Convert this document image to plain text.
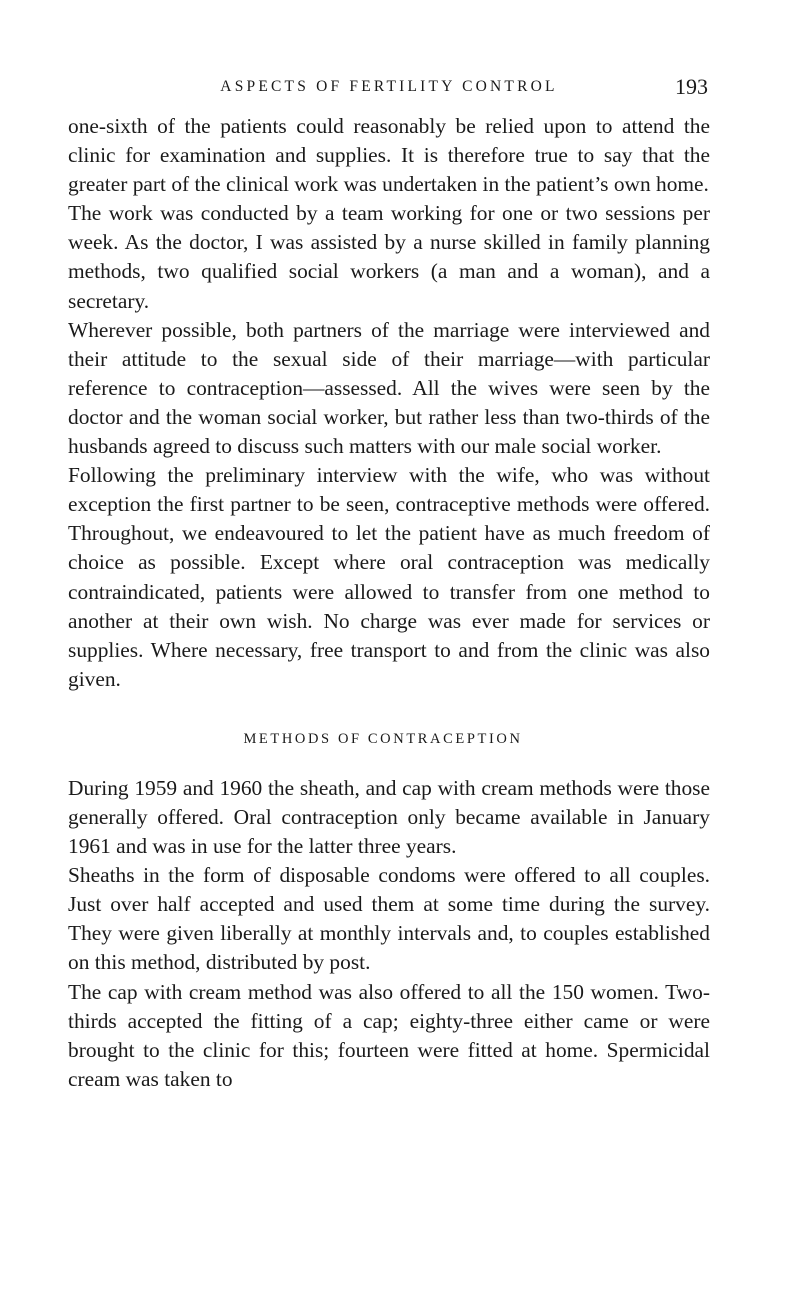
ASPECTS OF FERTILITY CONTROL	193

one-sixth of the patients could reasonably be relied upon to attend the clinic for examination and supplies. It is therefore true to say that the greater part of the clinical work was undertaken in the patient’s own home.

The work was conducted by a team working for one or two sessions per week. As the doctor, I was assisted by a nurse skilled in family planning methods, two qualified social workers (a man and a woman), and a secretary.

Wherever possible, both partners of the marriage were interviewed and their attitude to the sexual side of their marriage—with particular reference to contraception—assessed. All the wives were seen by the doctor and the woman social worker, but rather less than two-thirds of the husbands agreed to discuss such matters with our male social worker.

Following the preliminary interview with the wife, who was without exception the first partner to be seen, contraceptive methods were offered. Throughout, we endeavoured to let the patient have as much freedom of choice as possible. Except where oral contraception was medically contraindicated, patients were allowed to transfer from one method to another at their own wish. No charge was ever made for services or supplies. Where necessary, free transport to and from the clinic was also given.

METHODS OF CONTRACEPTION

During 1959 and 1960 the sheath, and cap with cream methods were those generally offered. Oral contraception only became available in January 1961 and was in use for the latter three years.

Sheaths in the form of disposable condoms were offered to all couples. Just over half accepted and used them at some time during the survey. They were given liberally at monthly intervals and, to couples established on this method, distributed by post.

The cap with cream method was also offered to all the 150 women. Two-thirds accepted the fitting of a cap; eighty-three either came or were brought to the clinic for this; fourteen were fitted at home. Spermicidal cream was taken to
